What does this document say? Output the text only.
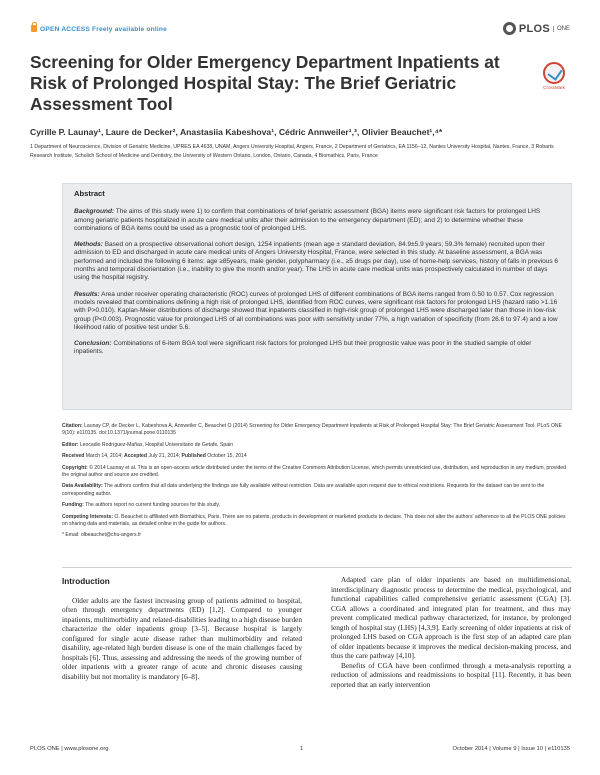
OPEN ACCESS Freely available online	PLOS	ONE
Screening for Older Emergency Department Inpatients at Risk of Prolonged Hospital Stay: The Brief Geriatric Assessment Tool
CrossMark
Cyrille P. Launay¹, Laure de Decker², Anastasiia Kabeshova¹, Cédric Annweiler¹,³, Olivier Beauchet¹,⁴*
1 Department of Neuroscience, Division of Geriatric Medicine, UPRES EA 4638, UNAM, Angers University Hospital, Angers, France, 2 Department of Geriatrics, EA 1156–12, Nantes University Hospital, Nantes, France, 3 Robarts Research Institute, Schulich School of Medicine and Dentistry, the University of Western Ontario, London, Ontario, Canada, 4 Biomathics, Paris, France
Abstract

Background: The aims of this study were 1) to confirm that combinations of brief geriatric assessment (BGA) items were significant risk factors for prolonged LHS among geriatric patients hospitalized in acute care medical units after their admission to the emergency department (ED); and 2) to determine whether these combinations of BGA items could be used as a prognostic tool of prolonged LHS.

Methods: Based on a prospective observational cohort design, 1254 inpatients (mean age ± standard deviation, 84.9±5.9 years; 59.3% female) recruited upon their admission to ED and discharged in acute care medical units of Angers University Hospital, France, were selected in this study. At baseline assessment, a BGA was performed and included the following 6 items: age ≥85years, male gender, polypharmacy (i.e., ≥5 drugs per day), use of home-help services, history of falls in previous 6 months and temporal disorientation (i.e., inability to give the month and/or year). The LHS in acute care medical units was prospectively calculated in number of days using the hospital registry.

Results: Area under receiver operating characteristic (ROC) curves of prolonged LHS of different combinations of BGA items ranged from 0.50 to 0.57. Cox regression models revealed that combinations defining a high risk of prolonged LHS, identified from ROC curves, were significant risk factors for prolonged LHS (hazard ratio >1.16 with P>0.010). Kaplan-Meier distributions of discharge showed that inpatients classified in high-risk group of prolonged LHS were discharged later than those in low-risk group (P<0.003). Prognostic value for prolonged LHS of all combinations was poor with sensitivity under 77%, a high variation of specificity (from 26.6 to 97.4) and a low likelihood ratio of positive test under 5.6.

Conclusion: Combinations of 6-item BGA tool were significant risk factors for prolonged LHS but their prognostic value was poor in the studied sample of older inpatients.

Citation: Launay CP, de Decker L, Kabeshova A, Annweiler C, Beauchet O (2014) Screening for Older Emergency Department Inpatients at Risk of Prolonged Hospital Stay: The Brief Geriatric Assessment Tool. PLoS ONE 9(10): e110135. doi:10.1371/journal.pone.0110135

Editor: Leocadio Rodríguez-Mañas, Hospital Universitario de Getafe, Spain

Received March 14, 2014; Accepted July 21, 2014; Published October 15, 2014

Copyright: © 2014 Launay et al. This is an open-access article distributed under the terms of the Creative Commons Attribution License, which permits unrestricted use, distribution, and reproduction in any medium, provided the original author and source are credited.

Data Availability: The authors confirm that all data underlying the findings are fully available without restriction. Data are available upon request due to ethical restrictions. Requests for the dataset can be sent to the corresponding author.

Funding: The authors report no current funding sources for this study.

Competing Interests: O. Beauchet is affiliated with Biomathics, Paris. There are no patents, products in development or marketed products to declare. This does not alter the authors' adherence to all the PLOS ONE policies on sharing data and materials, as detailed online in the guide for authors.

* Email: olbeauchet@chu-angers.fr

Introduction

Older adults are the fastest increasing group of patients admitted to hospital, often through emergency departments (ED) [1,2]. Compared to younger inpatients, multimorbidity and related-disabilities leading to a high disease burden characterize the older inpatients group [3–5]. Because hospital is largely configured for single acute disease rather than multimorbidity and related disability, age-related high burden disease is one of the main challenges faced by hospitals [6]. Thus, assessing and addressing the needs of the growing number of older inpatients with a greater range of acute and chronic diseases causing disability but not mortality is mandatory [6–8].

Adapted care plan of older inpatients are based on multidimensional, interdisciplinary diagnostic process to determine the medical, psychological, and functional capabilities called comprehensive geriatric assessment (CGA) [3]. CGA allows a coordinated and integrated plan for treatment, and thus may prevent complicated medical pathway characterized, for instance, by prolonged length of hospital stay (LHS) [4,3,9]. Early screening of older inpatients at risk of prolonged LHS based on CGA approach is the first step of an adapted care plan of older inpatients because it improves the medical decision-making process, and thus the care pathway [4,10].

Benefits of CGA have been confirmed through a meta-analysis reporting a reduction of admissions and readmissions to hospital [11]. Recently, it has been reported that an early intervention

PLOS ONE | www.plosone.org	1	October 2014 | Volume 9 | Issue 10 | e110135
